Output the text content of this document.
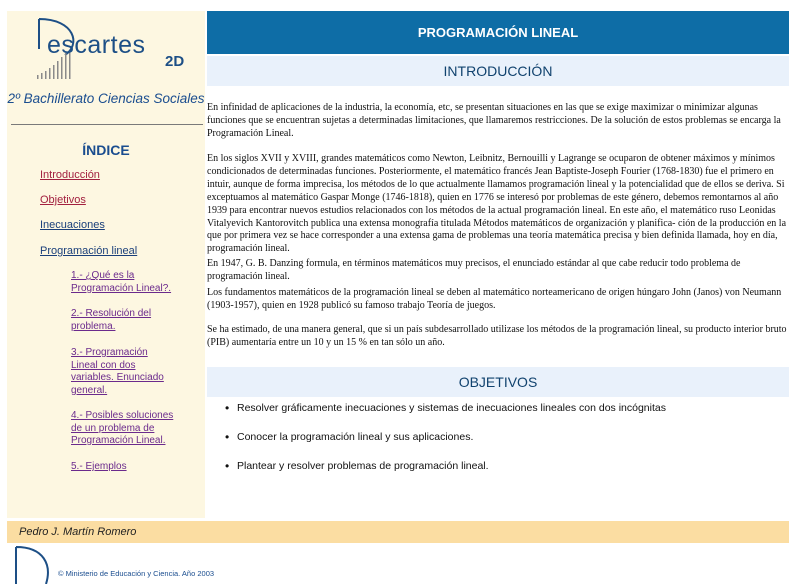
escartes
2D
2º Bachillerato Ciencias Sociales
ÍNDICE
Introducción
Objetivos
Inecuaciones
Programación lineal
1.- ¿Qué es la
Programación Lineal?.
2.- Resolución del
problema.
3.- Programación
Lineal con dos
variables. Enunciado
general.
4.- Posibles soluciones
de un problema de
Programación Lineal.
5.- Ejemplos
PROGRAMACIÓN LINEAL
INTRODUCCIÓN

En infinidad de aplicaciones de la industria, la economía, etc, se presentan situaciones en las que se exige maximizar o minimizar algunas funciones que se encuentran sujetas a determinadas limitaciones, que llamaremos restricciones. De la solución de estos problemas se encarga la Programación Lineal.

En los siglos XVII y XVIII, grandes matemáticos como Newton, Leibnitz, Bernouilli y Lagrange se ocuparon de obtener máximos y mínimos condicionados de determinadas funciones. Posteriormente, el matemático francés Jean Baptiste-Joseph Fourier (1768-1830) fue el primero en intuir, aunque de forma imprecisa, los métodos de lo que actualmente llamamos programación lineal y la potencialidad que de ellos se deriva. Si exceptuamos al matemático Gaspar Monge (1746-1818), quien en 1776 se interesó por problemas de este género, debemos remontarnos al año 1939 para encontrar nuevos estudios relacionados con los métodos de la actual programación lineal. En este año, el matemático ruso Leonidas Vitalyevich Kantorovitch publica una extensa monografía titulada Métodos matemáticos de organización y planifica- ción de la producción en la que por primera vez se hace corresponder a una extensa gama de problemas una teoría matemática precisa y bien definida llamada, hoy en día, programación lineal.

En 1947, G. B. Danzing formula, en términos matemáticos muy precisos, el enunciado estándar al que cabe reducir todo problema de programación lineal.

Los fundamentos matemáticos de la programación lineal se deben al matemático norteamericano de origen húngaro John (Janos) von Neumann (1903-1957), quien en 1928 publicó su famoso trabajo Teoría de juegos.

Se ha estimado, de una manera general, que si un país subdesarrollado utilizase los métodos de la programación lineal, su producto interior bruto (PIB) aumentaría entre un 10 y un 15 % en tan sólo un año.

OBJETIVOS
• Resolver gráficamente inecuaciones y sistemas de inecuaciones lineales con dos incógnitas
• Conocer la programación lineal y sus aplicaciones.
• Plantear y resolver problemas de programación lineal.
Pedro J. Martín Romero
© Ministerio de Educación y Ciencia. Año 2003
